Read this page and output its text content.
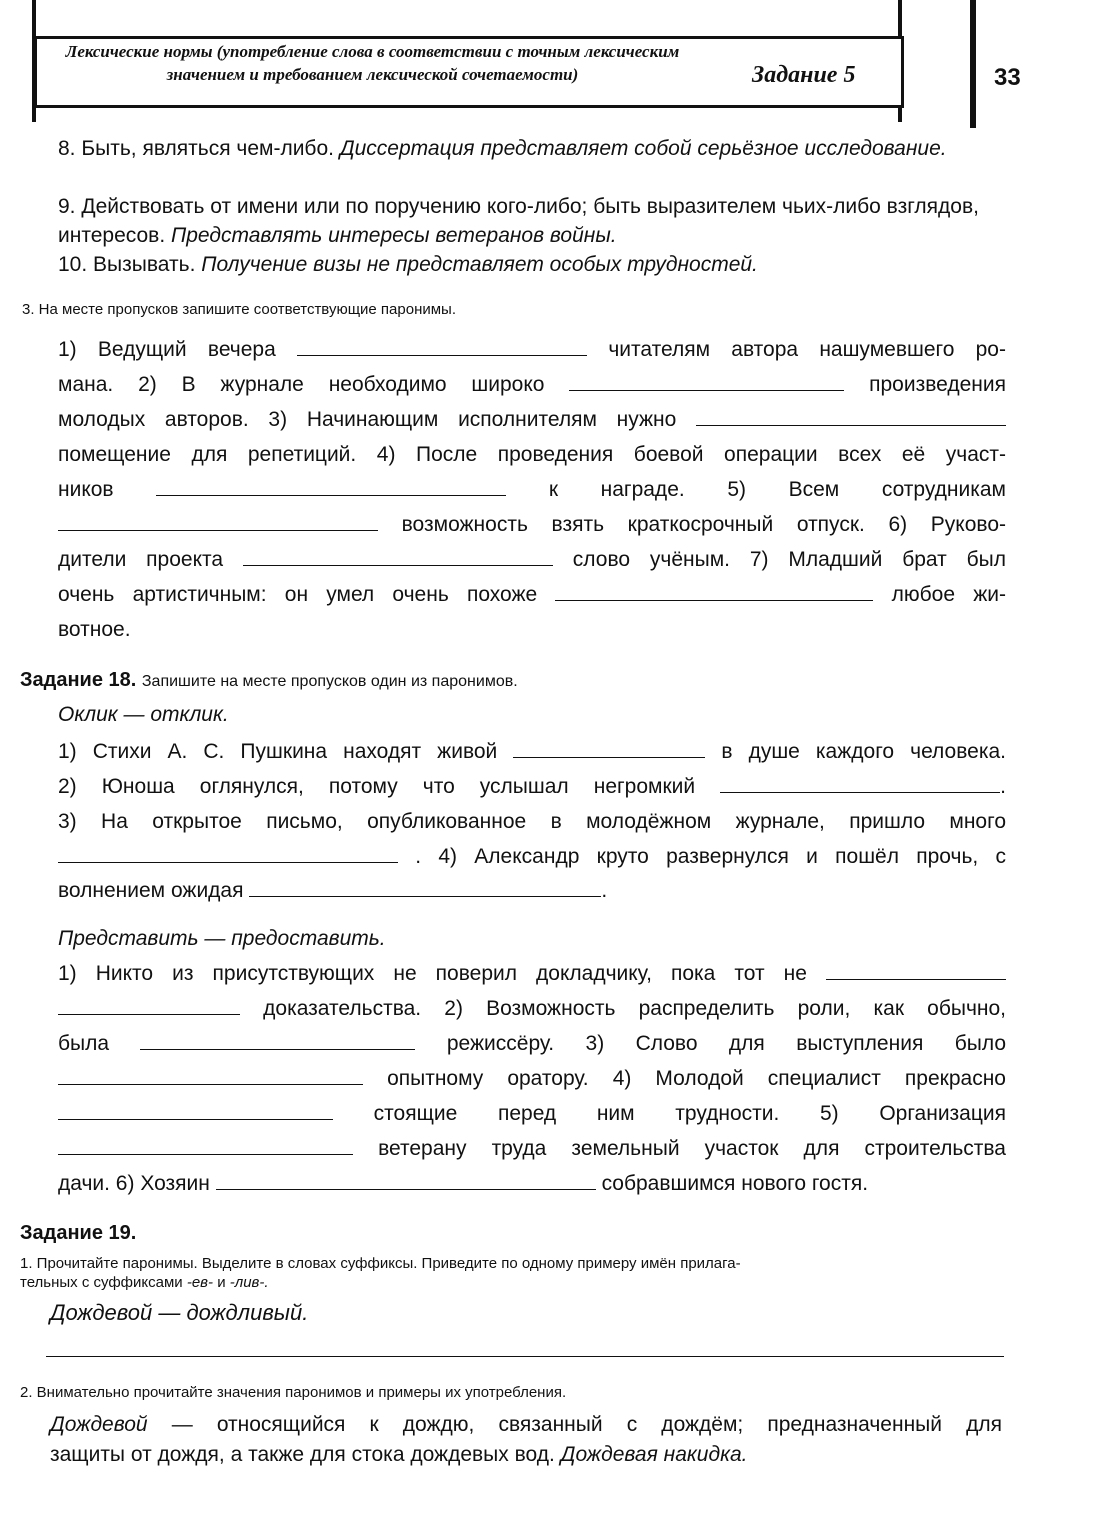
Лексические нормы (употребление слова в соответствии с точным лексическим значением и требованием лексической сочетаемости)	Задание 5	33
8. Быть, являться чем-либо. Диссертация представляет собой серьёзное исследование.
9. Действовать от имени или по поручению кого-либо; быть выразителем чьих-либо взглядов, интересов. Представлять интересы ветеранов войны.
10. Вызывать. Получение визы не представляет особых трудностей.
3. На месте пропусков запишите соответствующие паронимы.
1) Ведущий вечера	читателям автора нашумевшего ро-
мана. 2) В журнале необходимо широко	произведения
молодых авторов. 3) Начинающим исполнителям нужно
помещение для репетиций. 4) После проведения боевой операции всех её участ-
ников	к награде. 5) Всем сотрудникам
возможность взять краткосрочный отпуск. 6) Руково-
дители проекта	слово учёным. 7) Младший брат был
очень артистичным: он умел очень похоже	любое жи-
вотное.
Задание 18. Запишите на месте пропусков один из паронимов.
Оклик — отклик.
1) Стихи А. С. Пушкина находят живой	в душе каждого человека.
2) Юноша оглянулся, потому что услышал негромкий	.
3) На открытое письмо, опубликованное в молодёжном журнале, пришло много
. 4) Александр круто развернулся и пошёл прочь, с
волнением ожидая	.
Представить — предоставить.
1) Никто из присутствующих не поверил докладчику, пока тот не
доказательства. 2) Возможность распределить роли, как обычно,
была	режиссёру. 3) Слово для выступления было
опытному оратору. 4) Молодой специалист прекрасно
стоящие перед ним трудности. 5) Организация
ветерану труда земельный участок для строительства
дачи. 6) Хозяин	собравшимся нового гостя.
Задание 19.
1. Прочитайте паронимы. Выделите в словах суффиксы. Приведите по одному примеру имён прилага-
тельных с суффиксами -ев- и -лив-.
Дождевой — дождливый.
2. Внимательно прочитайте значения паронимов и примеры их употребления.
Дождевой — относящийся к дождю, связанный с дождём; предназначенный для
защиты от дождя, а также для стока дождевых вод. Дождевая накидка.
